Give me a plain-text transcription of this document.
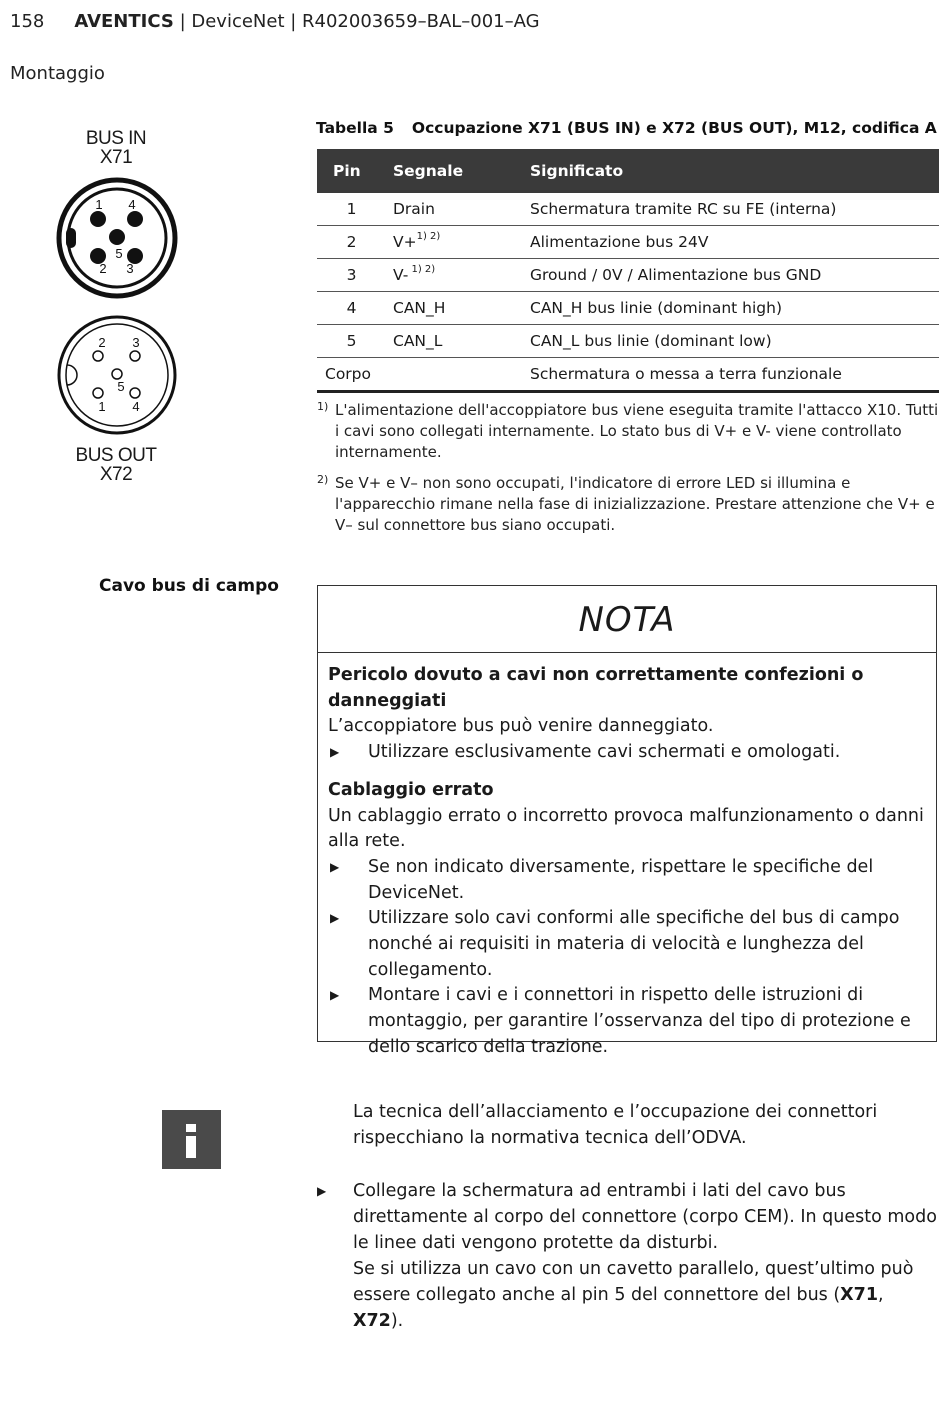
158 AVENTICS | DeviceNet | R402003659–BAL–001–AG
Montaggio
BUS IN
X71
1 4
5
2 3
2 3
5
1 4
BUS OUT
X72
Tabella 5 Occupazione X71 (BUS IN) e X72 (BUS OUT), M12, codifica A
Pin	Segnale	Significato
1	Drain	Schermatura tramite RC su FE (interna)
2	V+$^{1) 2)}$	Alimentazione bus 24V
3	V- $^{1) 2)}$	Ground / 0V / Alimentazione bus GND
4	CAN_H	CAN_H bus linie (dominant high)
5	CAN_L	CAN_L bus linie (dominant low)
Corpo		Schermatura o messa a terra funzionale
1) L'alimentazione dell'accoppiatore bus viene eseguita tramite l'attacco X10. Tutti i cavi sono collegati internamente. Lo stato bus di V+ e V- viene controllato internamente.
2) Se V+ e V– non sono occupati, l'indicatore di errore LED si illumina e l'apparecchio rimane nella fase di inizializzazione. Prestare attenzione che V+ e V– sul connettore bus siano occupati.
Cavo bus di campo
NOTA
Pericolo dovuto a cavi non correttamente confezioni o danneggiati
L’accoppiatore bus può venire danneggiato.
▶ Utilizzare esclusivamente cavi schermati e omologati.
Cablaggio errato
Un cablaggio errato o incorretto provoca malfunzionamento o danni alla rete.
▶ Se non indicato diversamente, rispettare le specifiche del DeviceNet.
▶ Utilizzare solo cavi conformi alle specifiche del bus di campo nonché ai requisiti in materia di velocità e lunghezza del collegamento.
▶ Montare i cavi e i connettori in rispetto delle istruzioni di montaggio, per garantire l’osservanza del tipo di protezione e dello scarico della trazione.
La tecnica dell’allacciamento e l’occupazione dei connettori rispecchiano la normativa tecnica dell’ODVA.
▶ Collegare la schermatura ad entrambi i lati del cavo bus direttamente al corpo del connettore (corpo CEM). In questo modo le linee dati vengono protette da disturbi.
Se si utilizza un cavo con un cavetto parallelo, quest’ultimo può essere collegato anche al pin 5 del connettore del bus (X71, X72).
